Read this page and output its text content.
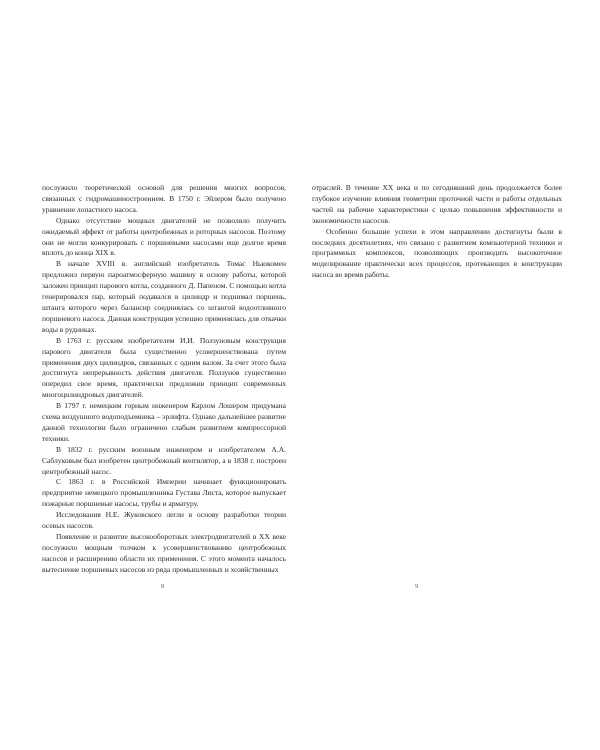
послужило теоретической основой для решения многих вопросов, связанных с гидромашиностроением. В 1750 г. Эйлером было получено уравнение лопастного насоса.

Однако отсутствие мощных двигателей не позволяло получить ожидаемый эффект от работы центробежных и роторных насосов. Поэтому они не могли конкурировать с поршневыми насосами еще долгое время вплоть до конца XIX в.

В начале XVIII в. английский изобретатель Томас Ньюкомен предложил первую пароатмосферную машину в основу работы, которой заложен принцип парового котла, созданного Д. Папеном. С помощью котла генерировался пар, который подавался в цилиндр и поднимал поршень, штанга которого через балансир соединялась со штангой водоотливного поршневого насоса. Данная конструкция успешно применялась для откачки воды в рудниках.

В 1763 г. русским изобретателем И.И. Ползуновым конструкция парового двигателя была существенно усовершенствована путем применения двух цилиндров, связанных с одним валом. За счет этого была достигнута непрерывность действия двигателя. Ползунов существенно опередил свое время, практически предложив принцип современных многоцилиндровых двигателей.

В 1797 г. немецким горным инженером Карлом Лошером придумана схема воздушного водоподъемника – эрлифта. Однако дальнейшее развитие данной технологии было ограничено слабым развитием компрессорной техники.

В 1832 г. русским военным инженером и изобретателем А.А. Саблуковым был изобретен центробежный вентилятор, а в 1838 г. построен центробежный насос.

С 1863 г. в Российской Империи начинает функционировать предприятие немецкого промышленника Густава Листа, которое выпускает пожарные поршневые насосы, трубы и арматуру.

Исследования Н.Е. Жуковского легли в основу разработки теории осевых насосов.

Появление и развитие высокооборотных электродвигателей в XX веке послужило мощным толчком к усовершенствованию центробежных насосов и расширению области их применения. С этого момента началось вытеснение поршневых насосов из ряда промышленных и хозяйственных

8

отраслей. В течение XX века и по сегодняшний день продолжается более глубокое изучение влияния геометрии проточной части и работы отдельных частей на рабочие характеристики с целью повышения эффективности и экономичности насосов.

Особенно большие успехи в этом направлении достигнуты были в последних десятилетиях, что связано с развитием компьютерной техники и программных комплексов, позволяющих производить высокоточное моделирование практически всех процессов, протекающих в конструкции насоса во время работы.

9
